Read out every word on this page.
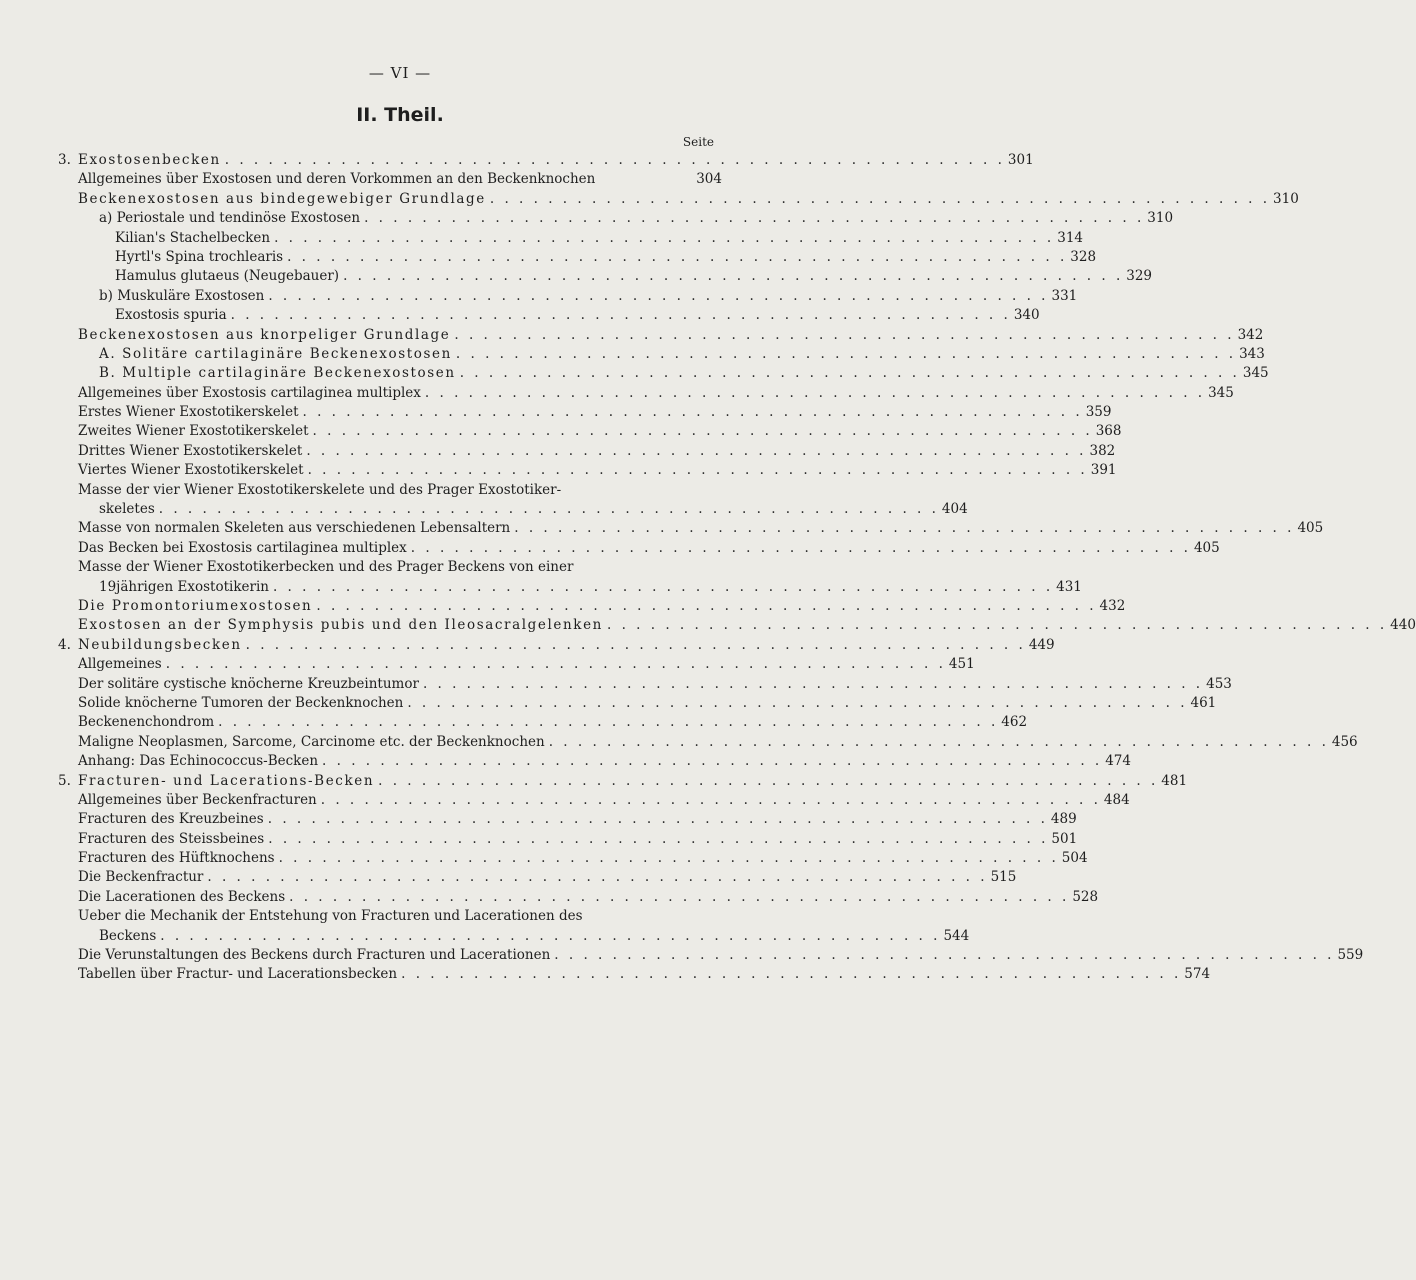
— VI —
II. Theil.
Seite
3. Exostosenbecken . . . . . . . . . . . . . . . . . . . . . . . . . . . . . . . . . . . . . . . . . . . . . . . . . . . . . . 301
Allgemeines über Exostosen und deren Vorkommen an den Beckenknochen	304
Beckenexostosen aus bindegewebiger Grundlage . . . . . . . . . . . . . . . . . . . . . . . . . . . . . . . . . . . . . . . . . . . . . . . . . . . . . . 310
a) Periostale und tendinöse Exostosen . . . . . . . . . . . . . . . . . . . . . . . . . . . . . . . . . . . . . . . . . . . . . . . . . . . . . . 310
Kilian's Stachelbecken . . . . . . . . . . . . . . . . . . . . . . . . . . . . . . . . . . . . . . . . . . . . . . . . . . . . . . 314
Hyrtl's Spina trochlearis . . . . . . . . . . . . . . . . . . . . . . . . . . . . . . . . . . . . . . . . . . . . . . . . . . . . . . 328
Hamulus glutaeus (Neugebauer) . . . . . . . . . . . . . . . . . . . . . . . . . . . . . . . . . . . . . . . . . . . . . . . . . . . . . . 329
b) Muskuläre Exostosen . . . . . . . . . . . . . . . . . . . . . . . . . . . . . . . . . . . . . . . . . . . . . . . . . . . . . . 331
Exostosis spuria . . . . . . . . . . . . . . . . . . . . . . . . . . . . . . . . . . . . . . . . . . . . . . . . . . . . . . 340
Beckenexostosen aus knorpeliger Grundlage . . . . . . . . . . . . . . . . . . . . . . . . . . . . . . . . . . . . . . . . . . . . . . . . . . . . . . 342
A. Solitäre cartilaginäre Beckenexostosen . . . . . . . . . . . . . . . . . . . . . . . . . . . . . . . . . . . . . . . . . . . . . . . . . . . . . . 343
B. Multiple cartilaginäre Beckenexostosen . . . . . . . . . . . . . . . . . . . . . . . . . . . . . . . . . . . . . . . . . . . . . . . . . . . . . . 345
Allgemeines über Exostosis cartilaginea multiplex . . . . . . . . . . . . . . . . . . . . . . . . . . . . . . . . . . . . . . . . . . . . . . . . . . . . . . 345
Erstes Wiener Exostotikerskelet . . . . . . . . . . . . . . . . . . . . . . . . . . . . . . . . . . . . . . . . . . . . . . . . . . . . . . 359
Zweites Wiener Exostotikerskelet . . . . . . . . . . . . . . . . . . . . . . . . . . . . . . . . . . . . . . . . . . . . . . . . . . . . . . 368
Drittes Wiener Exostotikerskelet . . . . . . . . . . . . . . . . . . . . . . . . . . . . . . . . . . . . . . . . . . . . . . . . . . . . . . 382
Viertes Wiener Exostotikerskelet . . . . . . . . . . . . . . . . . . . . . . . . . . . . . . . . . . . . . . . . . . . . . . . . . . . . . . 391
Masse der vier Wiener Exostotikerskelete und des Prager Exostotiker-
skeletes . . . . . . . . . . . . . . . . . . . . . . . . . . . . . . . . . . . . . . . . . . . . . . . . . . . . . . 404
Masse von normalen Skeleten aus verschiedenen Lebensaltern . . . . . . . . . . . . . . . . . . . . . . . . . . . . . . . . . . . . . . . . . . . . . . . . . . . . . . 405
Das Becken bei Exostosis cartilaginea multiplex . . . . . . . . . . . . . . . . . . . . . . . . . . . . . . . . . . . . . . . . . . . . . . . . . . . . . . 405
Masse der Wiener Exostotikerbecken und des Prager Beckens von einer
19jährigen Exostotikerin . . . . . . . . . . . . . . . . . . . . . . . . . . . . . . . . . . . . . . . . . . . . . . . . . . . . . . 431
Die Promontoriumexostosen . . . . . . . . . . . . . . . . . . . . . . . . . . . . . . . . . . . . . . . . . . . . . . . . . . . . . . 432
Exostosen an der Symphysis pubis und den Ileosacralgelenken . . . . . . . . . . . . . . . . . . . . . . . . . . . . . . . . . . . . . . . . . . . . . . . . . . . . . . 440
4. Neubildungsbecken . . . . . . . . . . . . . . . . . . . . . . . . . . . . . . . . . . . . . . . . . . . . . . . . . . . . . . 449
Allgemeines . . . . . . . . . . . . . . . . . . . . . . . . . . . . . . . . . . . . . . . . . . . . . . . . . . . . . . 451
Der solitäre cystische knöcherne Kreuzbeintumor . . . . . . . . . . . . . . . . . . . . . . . . . . . . . . . . . . . . . . . . . . . . . . . . . . . . . . 453
Solide knöcherne Tumoren der Beckenknochen . . . . . . . . . . . . . . . . . . . . . . . . . . . . . . . . . . . . . . . . . . . . . . . . . . . . . . 461
Beckenenchondrom . . . . . . . . . . . . . . . . . . . . . . . . . . . . . . . . . . . . . . . . . . . . . . . . . . . . . . 462
Maligne Neoplasmen, Sarcome, Carcinome etc. der Beckenknochen . . . . . . . . . . . . . . . . . . . . . . . . . . . . . . . . . . . . . . . . . . . . . . . . . . . . . . 456
Anhang: Das Echinococcus-Becken . . . . . . . . . . . . . . . . . . . . . . . . . . . . . . . . . . . . . . . . . . . . . . . . . . . . . . 474
5. Fracturen- und Lacerations-Becken . . . . . . . . . . . . . . . . . . . . . . . . . . . . . . . . . . . . . . . . . . . . . . . . . . . . . . 481
Allgemeines über Beckenfracturen . . . . . . . . . . . . . . . . . . . . . . . . . . . . . . . . . . . . . . . . . . . . . . . . . . . . . . 484
Fracturen des Kreuzbeines . . . . . . . . . . . . . . . . . . . . . . . . . . . . . . . . . . . . . . . . . . . . . . . . . . . . . . 489
Fracturen des Steissbeines . . . . . . . . . . . . . . . . . . . . . . . . . . . . . . . . . . . . . . . . . . . . . . . . . . . . . . 501
Fracturen des Hüftknochens . . . . . . . . . . . . . . . . . . . . . . . . . . . . . . . . . . . . . . . . . . . . . . . . . . . . . . 504
Die Beckenfractur . . . . . . . . . . . . . . . . . . . . . . . . . . . . . . . . . . . . . . . . . . . . . . . . . . . . . . 515
Die Lacerationen des Beckens . . . . . . . . . . . . . . . . . . . . . . . . . . . . . . . . . . . . . . . . . . . . . . . . . . . . . . 528
Ueber die Mechanik der Entstehung von Fracturen und Lacerationen des
Beckens . . . . . . . . . . . . . . . . . . . . . . . . . . . . . . . . . . . . . . . . . . . . . . . . . . . . . . 544
Die Verunstaltungen des Beckens durch Fracturen und Lacerationen . . . . . . . . . . . . . . . . . . . . . . . . . . . . . . . . . . . . . . . . . . . . . . . . . . . . . . 559
Tabellen über Fractur- und Lacerationsbecken . . . . . . . . . . . . . . . . . . . . . . . . . . . . . . . . . . . . . . . . . . . . . . . . . . . . . . 574
